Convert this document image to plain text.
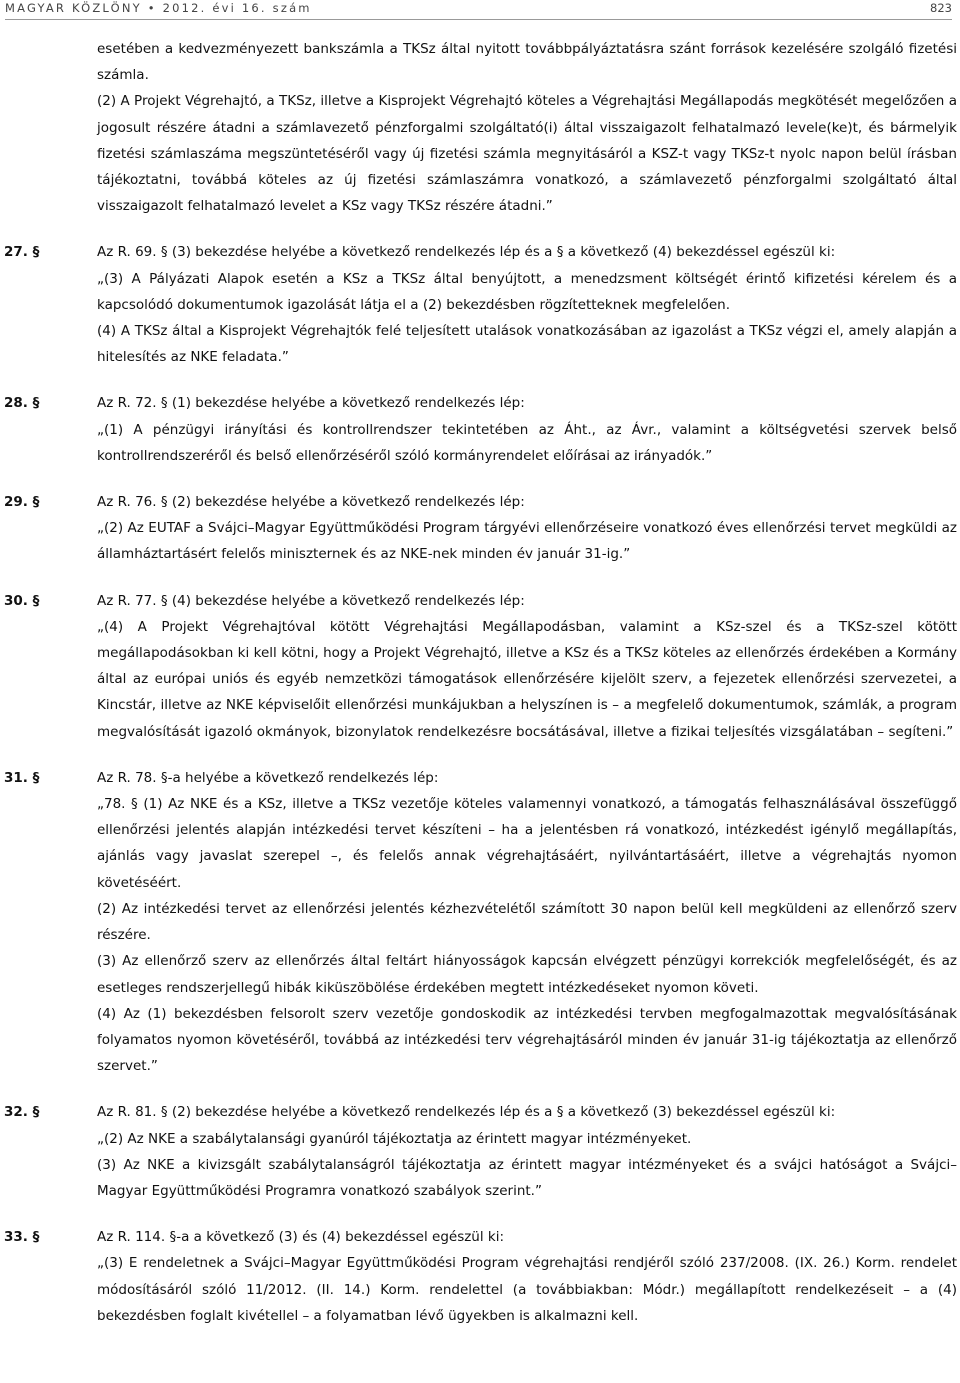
MAGYAR KÖZLÖNY • 2012. évi 16. szám	823
esetében a kedvezményezett bankszámla a TKSz által nyitott továbbpályáztatásra szánt források kezelésére szolgáló fizetési számla.
(2) A Projekt Végrehajtó, a TKSz, illetve a Kisprojekt Végrehajtó köteles a Végrehajtási Megállapodás megkötését megelőzően a jogosult részére átadni a számlavezető pénzforgalmi szolgáltató(i) által visszaigazolt felhatalmazó levele(ke)t, és bármelyik fizetési számlaszáma megszüntetéséről vagy új fizetési számla megnyitásáról a KSZ-t vagy TKSz-t nyolc napon belül írásban tájékoztatni, továbbá köteles az új fizetési számlaszámra vonatkozó, a számlavezető pénzforgalmi szolgáltató által visszaigazolt felhatalmazó levelet a KSz vagy TKSz részére átadni.”
27. §	Az R. 69. § (3) bekezdése helyébe a következő rendelkezés lép és a § a következő (4) bekezdéssel egészül ki:
„(3) A Pályázati Alapok esetén a KSz a TKSz által benyújtott, a menedzsment költségét érintő kifizetési kérelem és a kapcsolódó dokumentumok igazolását látja el a (2) bekezdésben rögzítetteknek megfelelően.
(4) A TKSz által a Kisprojekt Végrehajtók felé teljesített utalások vonatkozásában az igazolást a TKSz végzi el, amely alapján a hitelesítés az NKE feladata.”
28. §	Az R. 72. § (1) bekezdése helyébe a következő rendelkezés lép:
„(1) A pénzügyi irányítási és kontrollrendszer tekintetében az Áht., az Ávr., valamint a költségvetési szervek belső kontrollrendszeréről és belső ellenőrzéséről szóló kormányrendelet előírásai az irányadók.”
29. §	Az R. 76. § (2) bekezdése helyébe a következő rendelkezés lép:
„(2) Az EUTAF a Svájci–Magyar Együttműködési Program tárgyévi ellenőrzéseire vonatkozó éves ellenőrzési tervet megküldi az államháztartásért felelős miniszternek és az NKE-nek minden év január 31-ig.”
30. §	Az R. 77. § (4) bekezdése helyébe a következő rendelkezés lép:
„(4) A Projekt Végrehajtóval kötött Végrehajtási Megállapodásban, valamint a KSz-szel és a TKSz-szel kötött megállapodásokban ki kell kötni, hogy a Projekt Végrehajtó, illetve a KSz és a TKSz köteles az ellenőrzés érdekében a Kormány által az európai uniós és egyéb nemzetközi támogatások ellenőrzésére kijelölt szerv, a fejezetek ellenőrzési szervezetei, a Kincstár, illetve az NKE képviselőit ellenőrzési munkájukban a helyszínen is – a megfelelő dokumentumok, számlák, a program megvalósítását igazoló okmányok, bizonylatok rendelkezésre bocsátásával, illetve a fizikai teljesítés vizsgálatában – segíteni.”
31. §	Az R. 78. §-a helyébe a következő rendelkezés lép:
„78. § (1) Az NKE és a KSz, illetve a TKSz vezetője köteles valamennyi vonatkozó, a támogatás felhasználásával összefüggő ellenőrzési jelentés alapján intézkedési tervet készíteni – ha a jelentésben rá vonatkozó, intézkedést igénylő megállapítás, ajánlás vagy javaslat szerepel –, és felelős annak végrehajtásáért, nyilvántartásáért, illetve a végrehajtás nyomon követéséért.
(2) Az intézkedési tervet az ellenőrzési jelentés kézhezvételétől számított 30 napon belül kell megküldeni az ellenőrző szerv részére.
(3) Az ellenőrző szerv az ellenőrzés által feltárt hiányosságok kapcsán elvégzett pénzügyi korrekciók megfelelőségét, és az esetleges rendszerjellegű hibák kiküszöbölése érdekében megtett intézkedéseket nyomon követi.
(4) Az (1) bekezdésben felsorolt szerv vezetője gondoskodik az intézkedési tervben megfogalmazottak megvalósításának folyamatos nyomon követéséről, továbbá az intézkedési terv végrehajtásáról minden év január 31-ig tájékoztatja az ellenőrző szervet.”
32. §	Az R. 81. § (2) bekezdése helyébe a következő rendelkezés lép és a § a következő (3) bekezdéssel egészül ki:
„(2) Az NKE a szabálytalansági gyanúról tájékoztatja az érintett magyar intézményeket.
(3) Az NKE a kivizsgált szabálytalanságról tájékoztatja az érintett magyar intézményeket és a svájci hatóságot a Svájci–Magyar Együttműködési Programra vonatkozó szabályok szerint.”
33. §	Az R. 114. §-a a következő (3) és (4) bekezdéssel egészül ki:
„(3) E rendeletnek a Svájci–Magyar Együttműködési Program végrehajtási rendjéről szóló 237/2008. (IX. 26.) Korm. rendelet módosításáról szóló 11/2012. (II. 14.) Korm. rendelettel (a továbbiakban: Módr.) megállapított rendelkezéseit – a (4) bekezdésben foglalt kivétellel – a folyamatban lévő ügyekben is alkalmazni kell.
